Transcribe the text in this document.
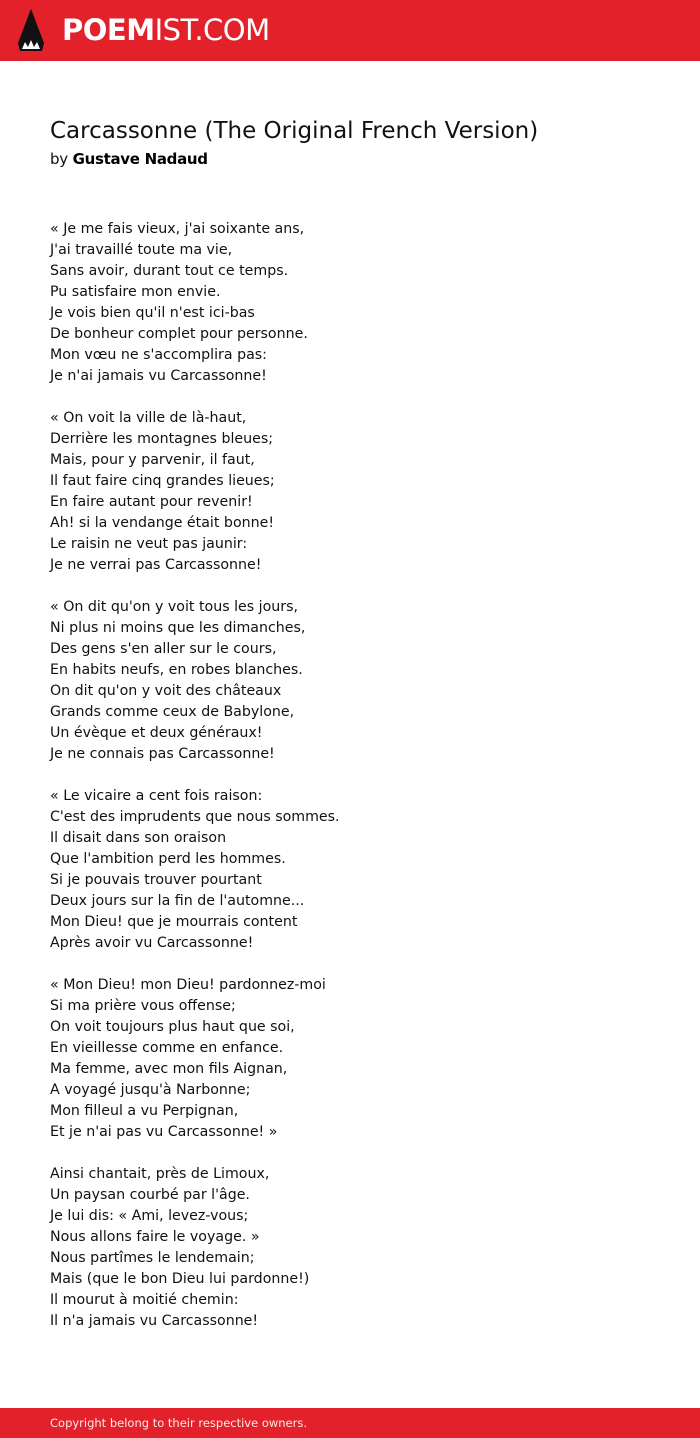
POEMIST.COM
Carcassonne (The Original French Version)
by Gustave Nadaud
« Je me fais vieux, j'ai soixante ans,
J'ai travaillé toute ma vie,
Sans avoir, durant tout ce temps.
Pu satisfaire mon envie.
Je vois bien qu'il n'est ici-bas
De bonheur complet pour personne.
Mon vœu ne s'accomplira pas:
Je n'ai jamais vu Carcassonne!
« On voit la ville de là-haut,
Derrière les montagnes bleues;
Mais, pour y parvenir, il faut,
Il faut faire cinq grandes lieues;
En faire autant pour revenir!
Ah! si la vendange était bonne!
Le raisin ne veut pas jaunir:
Je ne verrai pas Carcassonne!
« On dit qu'on y voit tous les jours,
Ni plus ni moins que les dimanches,
Des gens s'en aller sur le cours,
En habits neufs, en robes blanches.
On dit qu'on y voit des châteaux
Grands comme ceux de Babylone,
Un évèque et deux généraux!
Je ne connais pas Carcassonne!
« Le vicaire a cent fois raison:
C'est des imprudents que nous sommes.
Il disait dans son oraison
Que l'ambition perd les hommes.
Si je pouvais trouver pourtant
Deux jours sur la fin de l'automne...
Mon Dieu! que je mourrais content
Après avoir vu Carcassonne!
« Mon Dieu! mon Dieu! pardonnez-moi
Si ma prière vous offense;
On voit toujours plus haut que soi,
En vieillesse comme en enfance.
Ma femme, avec mon fils Aignan,
A voyagé jusqu'à Narbonne;
Mon filleul a vu Perpignan,
Et je n'ai pas vu Carcassonne! »
Ainsi chantait, près de Limoux,
Un paysan courbé par l'âge.
Je lui dis: « Ami, levez-vous;
Nous allons faire le voyage. »
Nous partîmes le lendemain;
Mais (que le bon Dieu lui pardonne!)
Il mourut à moitié chemin:
Il n'a jamais vu Carcassonne!
Copyright belong to their respective owners.
